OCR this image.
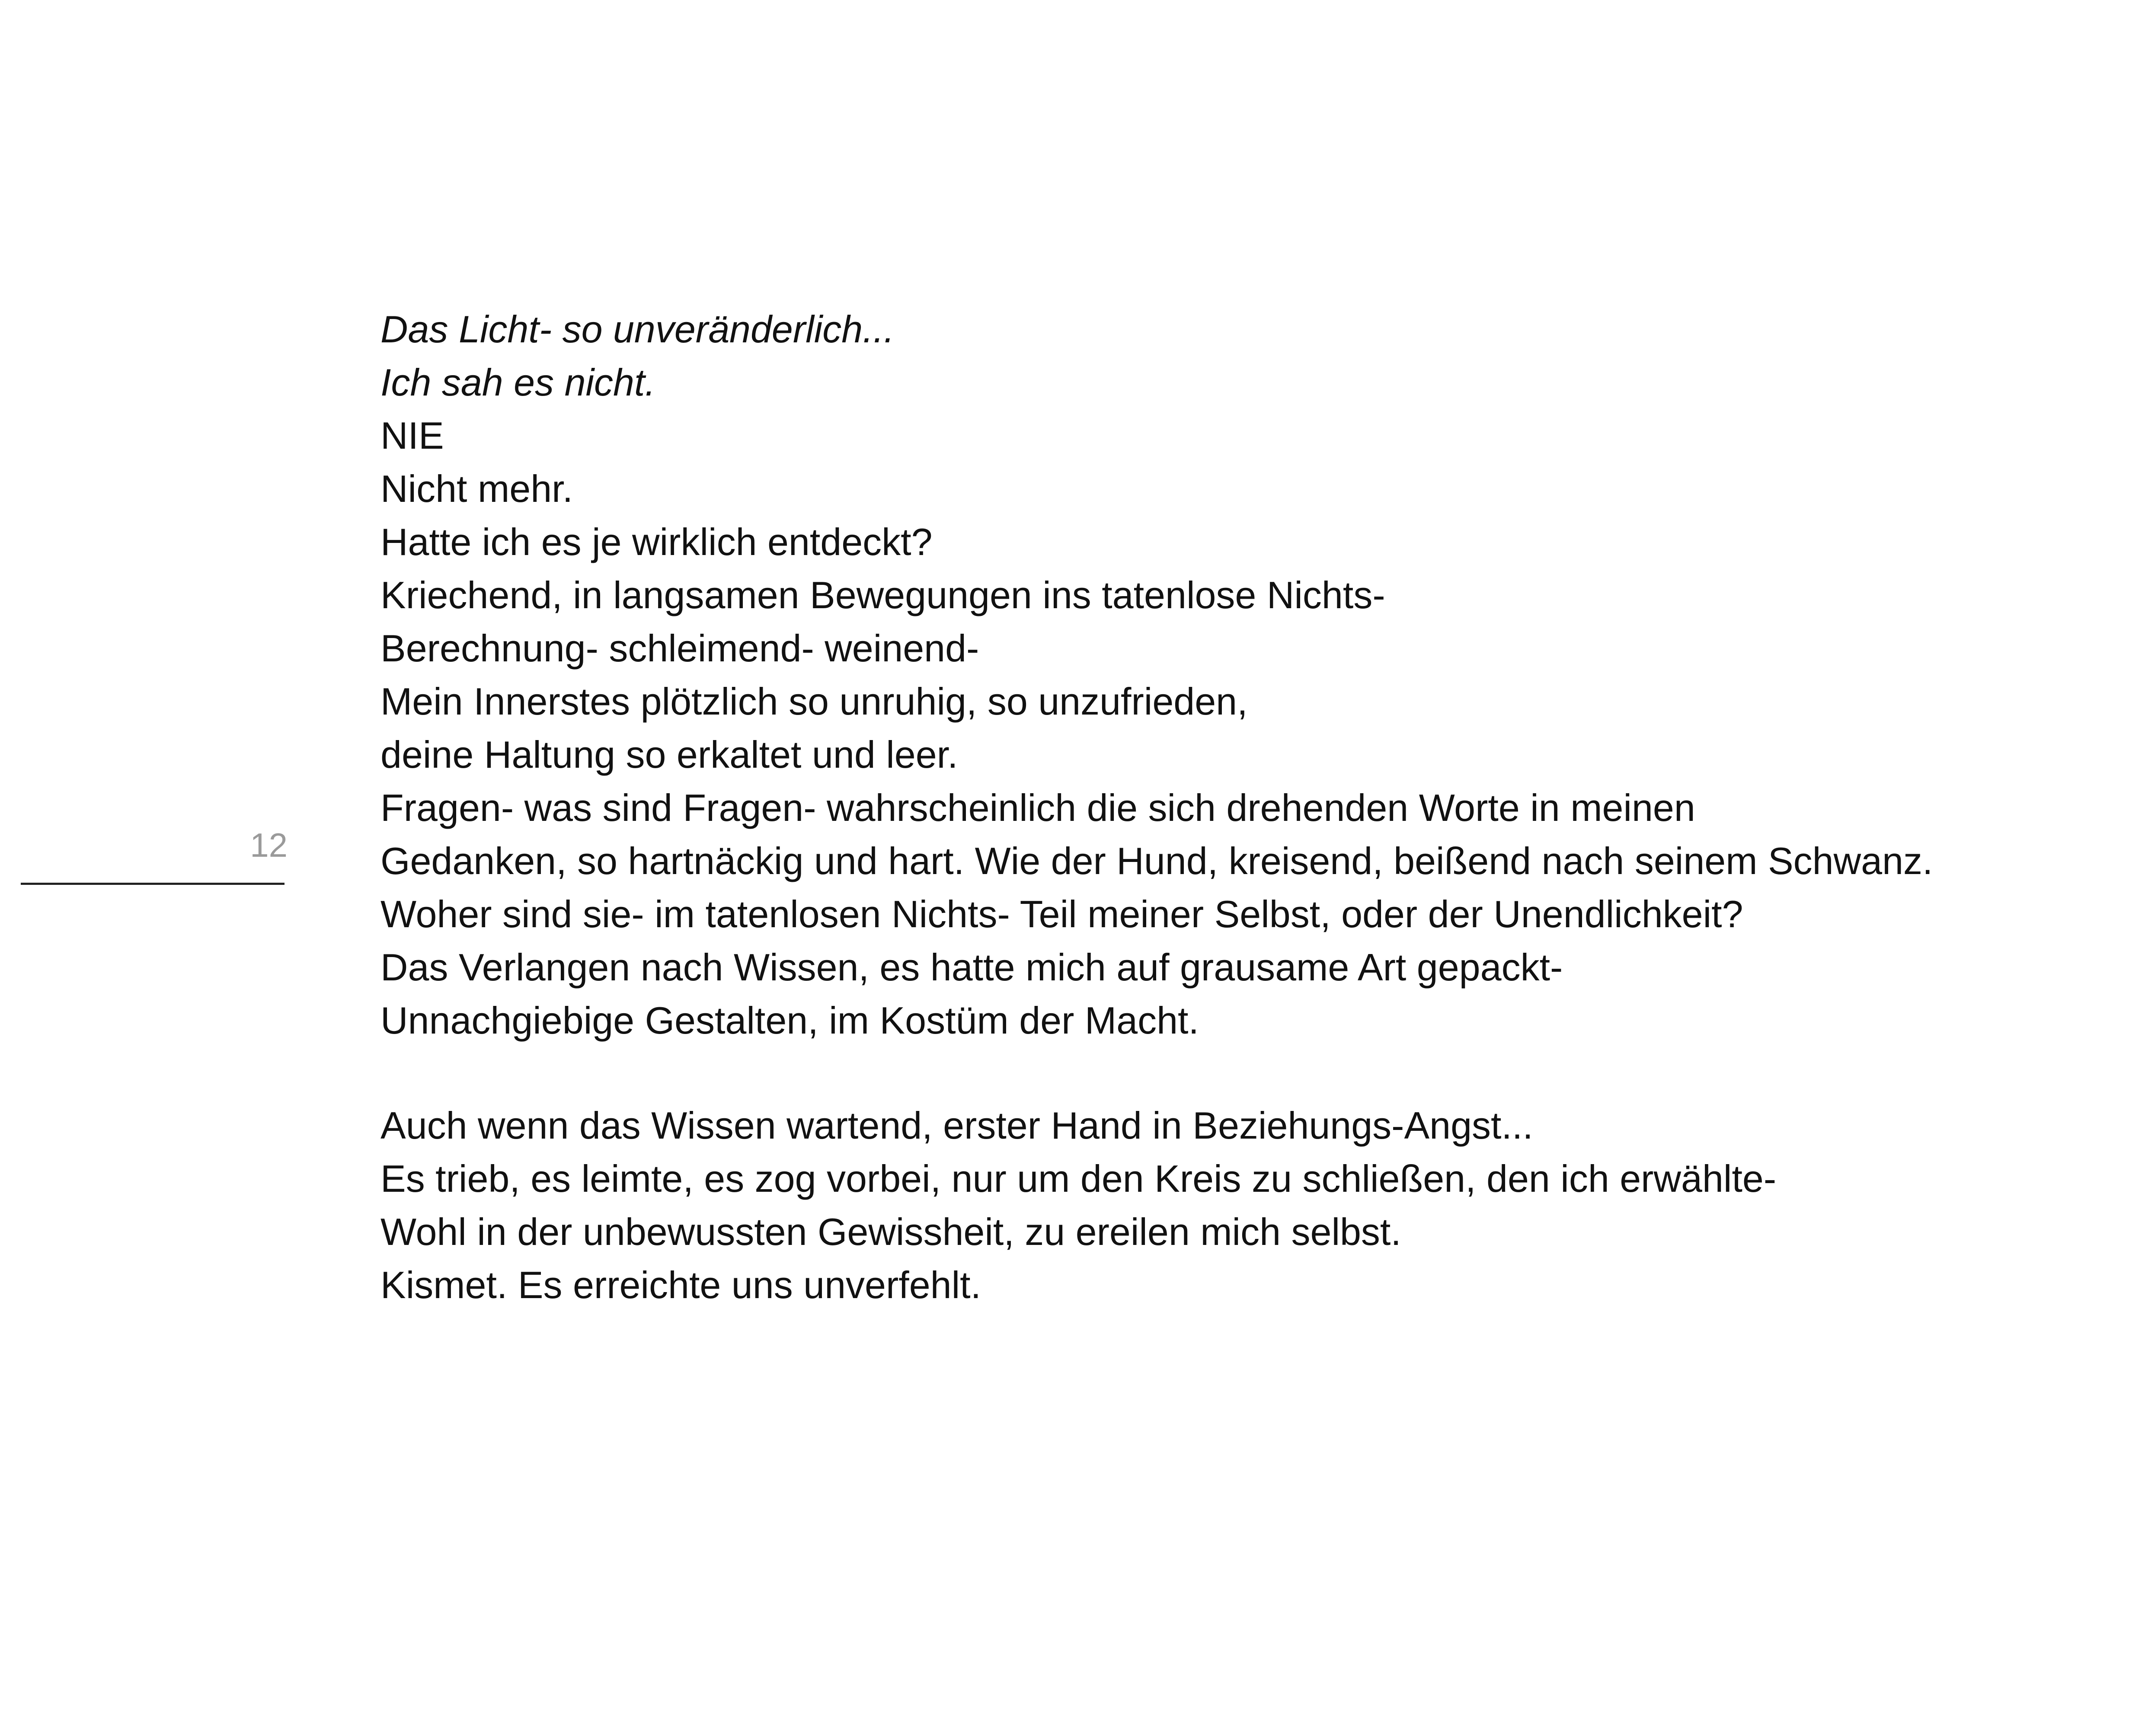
12
Das Licht- so unveränderlich...
Ich sah es nicht.
NIE
Nicht mehr.
Hatte ich es je wirklich entdeckt?
Kriechend, in langsamen Bewegungen ins tatenlose Nichts-
Berechnung- schleimend- weinend-
Mein Innerstes plötzlich so unruhig, so unzufrieden,
deine Haltung so erkaltet und leer.
Fragen- was sind Fragen- wahrscheinlich die sich drehenden Worte in meinen
Gedanken, so hartnäckig und hart. Wie der Hund, kreisend, beißend nach seinem Schwanz.
Woher sind sie- im tatenlosen Nichts- Teil meiner Selbst, oder der Unendlichkeit?
Das Verlangen nach Wissen, es hatte mich auf grausame Art gepackt-
Unnachgiebige Gestalten, im Kostüm der Macht.
Auch wenn das Wissen wartend, erster Hand in Beziehungs-Angst...
Es trieb, es leimte, es zog vorbei, nur um den Kreis zu schließen, den ich erwählte-
Wohl in der unbewussten Gewissheit, zu ereilen mich selbst.
Kismet. Es erreichte uns unverfehlt.
